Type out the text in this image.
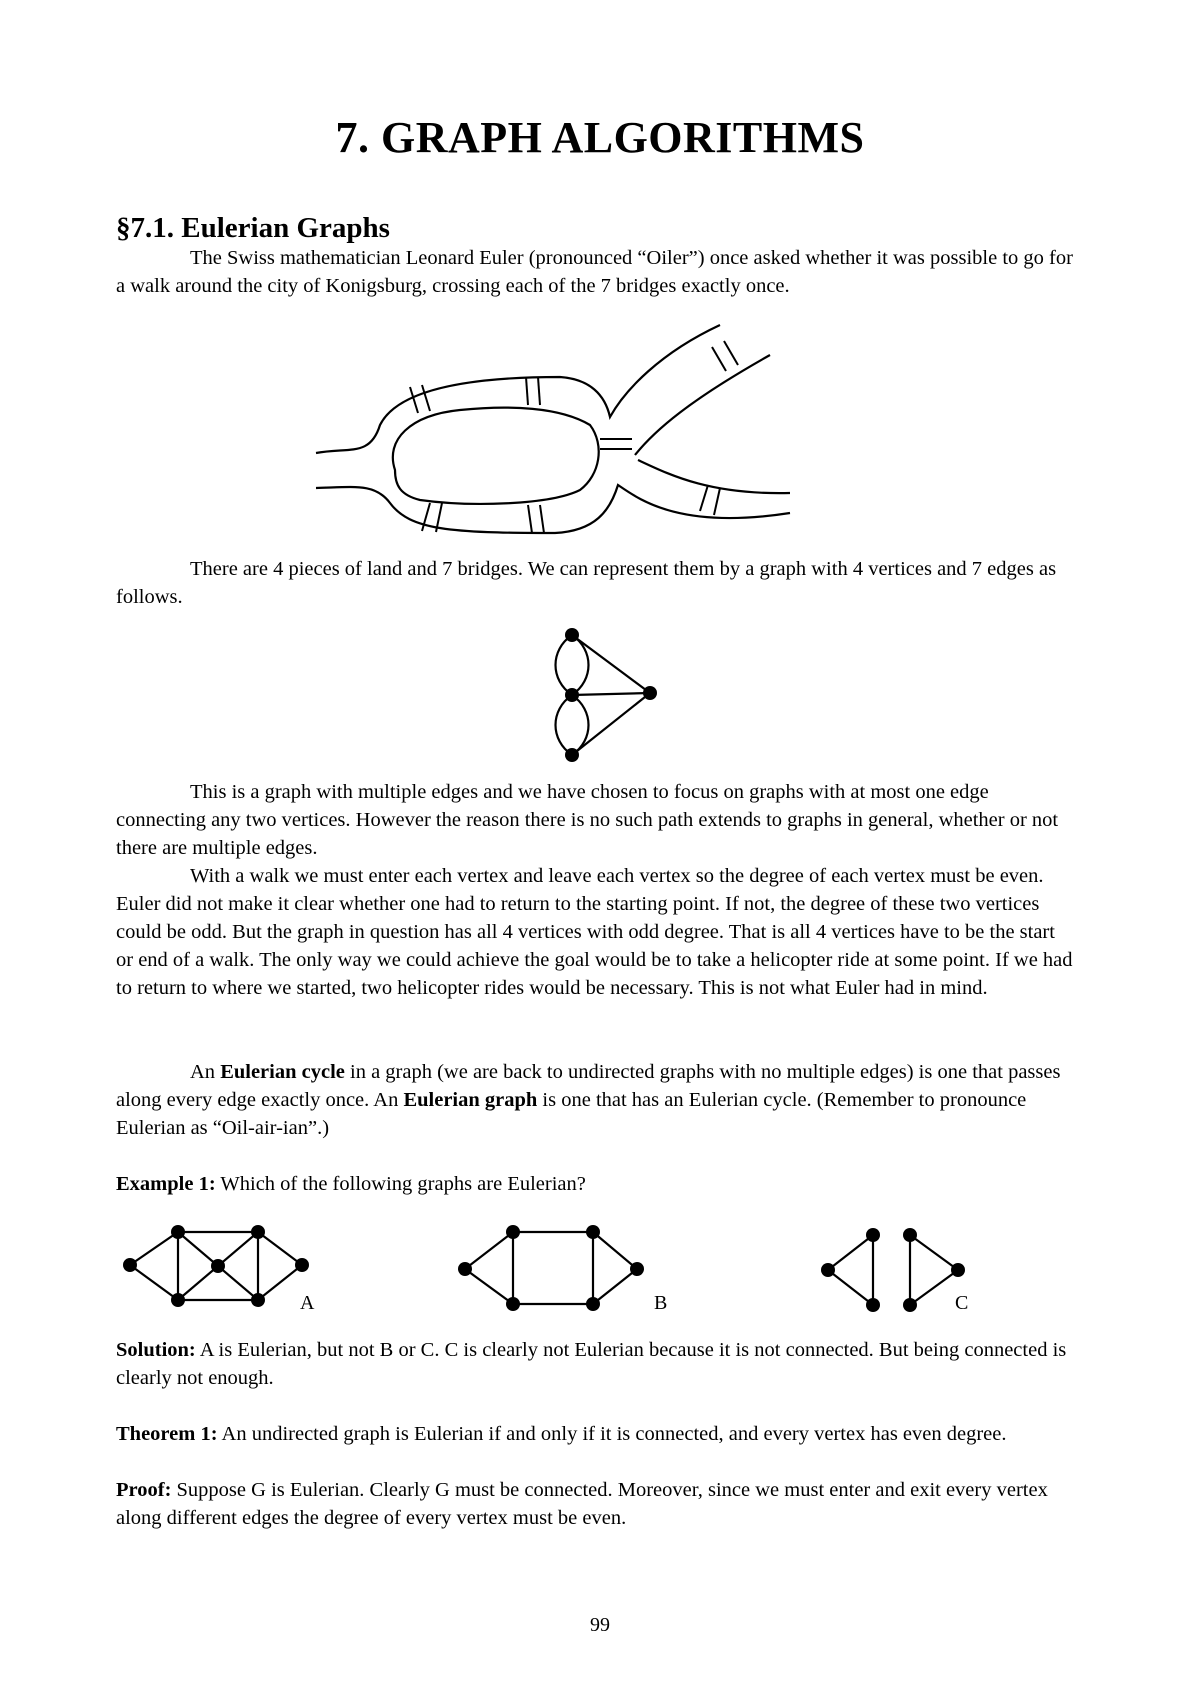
7. GRAPH ALGORITHMS
§7.1. Eulerian Graphs

The Swiss mathematician Leonard Euler (pronounced “Oiler”) once asked whether it was possible to go for a walk around the city of Konigsburg, crossing each of the 7 bridges exactly once.

There are 4 pieces of land and 7 bridges. We can represent them by a graph with 4 vertices and 7 edges as follows.

This is a graph with multiple edges and we have chosen to focus on graphs with at most one edge connecting any two vertices. However the reason there is no such path extends to graphs in general, whether or not there are multiple edges.

With a walk we must enter each vertex and leave each vertex so the degree of each vertex must be even. Euler did not make it clear whether one had to return to the starting point. If not, the degree of these two vertices could be odd. But the graph in question has all 4 vertices with odd degree. That is all 4 vertices have to be the start or end of a walk. The only way we could achieve the goal would be to take a helicopter ride at some point. If we had to return to where we started, two helicopter rides would be necessary. This is not what Euler had in mind.

An Eulerian cycle in a graph (we are back to undirected graphs with no multiple edges) is one that passes along every edge exactly once. An Eulerian graph is one that has an Eulerian cycle. (Remember to pronounce Eulerian as “Oil-air-ian”.)

Example 1: Which of the following graphs are Eulerian?

A	B	C

Solution: A is Eulerian, but not B or C. C is clearly not Eulerian because it is not connected. But being connected is clearly not enough.

Theorem 1: An undirected graph is Eulerian if and only if it is connected, and every vertex has even degree.

Proof: Suppose G is Eulerian. Clearly G must be connected. Moreover, since we must enter and exit every vertex along different edges the degree of every vertex must be even.

99
